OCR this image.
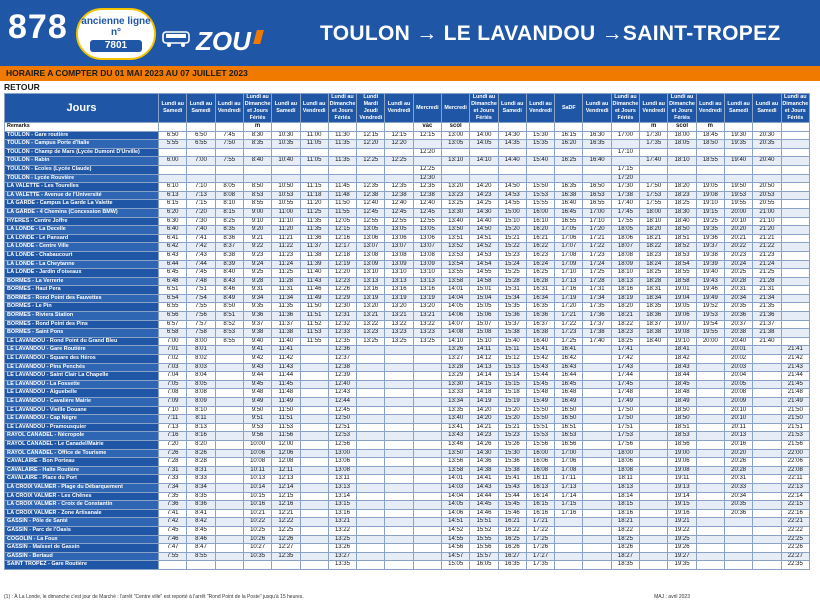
878	ancienne ligne n°
7801	ZOU	TOULON → LE LAVANDOU →SAINT-TROPEZ
HORAIRE A COMPTER DU 01 MAI 2023 AU 07 JUILLET 2023
RETOUR
Jours	Lundi au Samedi	Lundi au Samedi	Lundi au Vendredi	Lundi au Dimanche et Jours Fériés	Lundi au Samedi	Lundi au Vendredi	Lundi au Dimanche et Jours Fériés	Lundi Mardi Jeudi Vendredi	Lundi au Vendredi	Mercredi	Mercredi	Lundi au Dimanche et Jours Fériés	Lundi au Samedi	Lundi au Vendredi	SaDF	Lundi au Vendredi	Lundi au Dimanche et Jours Fériés	Lundi au Vendredi	Lundi au Dimanche et Jours Fériés	Lundi au Vendredi	Lundi au Samedi	Lundi au Samedi	Lundi au Dimanche et Jours Fériés
Remarks				m						vac	scol							m	scol	m			
TOULON - Gare routière	6:50	6:50	7:45	8:30	10:30	11:00	11:30	12:15	12:15	12:15	13:00	14:00	14:30	15:30	16:15	16:30	17:00	17:30	18:00	18:45	19:30	20:30	
TOULON - Campus Porte d'Italie	5:55	6:55	7:50	8:35	10:35	11:05	11:35	12:20	12:20		13:05	14:05	14:35	15:35	16:20	16:35		17:35	18:05	18:50	19:35	20:35	
TOULON - Champ de Mars (Lycée Dumont D'Urville)										12:20							17:10						
TOULON - Rabin	6:00	7:00	7:55	8:40	10:40	11:05	11:35	12:25	12:25		13:10	14:10	14:40	15:40	16:25	16:40		17:40	18:10	18:55	19:40	20:40	
TOULON - Ecoles (Lycée Claude)										12:25							17:15						
TOULON - Lycée Rouvière										12:30							17:20						
LA VALETTE - Les Tourelles	6:10	7:10	8:05	8:50	10:50	11:15	11:45	12:35	12:35	12:35	13:20	14:20	14:50	15:50	16:35	16:50	17:30	17:50	18:20	19:05	19:50	20:50	
LA VALETTE - Avenue de l'Université	6:13	7:13	8:08	8:53	10:53	11:18	11:48	12:38	12:38	12:38	13:23	14:23	14:53	15:53	16:38	16:53	17:38	17:53	18:23	19:08	19:53	20:53	
LA GARDE - Campus La Garde La Valette	6:15	7:15	8:10	8:55	10:55	11:20	11:50	12:40	12:40	12:40	13:25	14:25	14:55	15:55	16:40	16:55	17:40	17:55	18:25	19:10	19:55	20:55	
LA GARDE - 4 Chemins (Concession BMW)	6:20	7:20	8:15	9:00	11:00	11:25	11:55	12:45	12:45	12:45	13:30	14:30	15:00	16:00	16:45	17:00	17:45	18:00	18:30	19:15	20:00	21:00	
HYERES - Centre Joffre	6:30	7:30	8:25	9:10	11:10	11:35	12:05	12:55	12:55	12:55	13:40	14:40	15:10	16:10	16:55	17:10	17:55	18:10	18:40	19:25	20:10	21:10	
LA LONDE - La Decelle	6:40	7:40	8:35	9:20	11:20	11:35	12:15	13:05	13:05	13:05	13:50	14:50	15:20	16:20	17:05	17:20	18:05	18:20	18:50	19:35	20:20	21:20	
LA LONDE - Le Pansard	6:41	7:41	8:36	9:21	11:21	11:36	12:16	13:06	13:06	13:06	13:51	14:51	15:21	16:21	17:06	17:21	18:06	18:21	18:51	19:36	20:21	21:21	
LA LONDE - Centre Ville	6:42	7:42	8:37	9:22	11:22	11:37	12:17	13:07	13:07	13:07	13:52	14:52	15:22	16:22	17:07	17:22	18:07	18:22	18:52	19:37	20:22	21:22	
LA LONDE - Chabaucourt	6:43	7:43	8:38	9:23	11:23	11:38	12:18	13:08	13:08	13:08	13:53	14:53	15:23	16:23	17:08	17:23	18:08	18:23	18:53	19:38	20:23	21:23	
LA LONDE - La Cheytanne	6:44	7:44	8:39	9:24	11:24	11:39	12:19	13:09	13:09	13:09	13:54	14:54	15:24	16:24	17:09	17:24	18:09	18:24	18:54	19:39	20:24	21:24	
LA LONDE - Jardin d'oiseaux	6:45	7:45	8:40	9:25	11:25	11:40	12:20	13:10	13:10	13:10	13:55	14:55	15:25	16:25	17:10	17:25	18:10	18:25	18:55	19:40	20:25	21:25	
BORMES - La Verrerie	6:48	7:48	8:43	9:28	11:28	11:43	12:23	13:13	13:13	13:13	13:58	14:58	15:28	16:28	17:13	17:28	18:13	18:28	18:58	19:43	20:28	21:28	
BORMES - Haut Pera	6:51	7:51	8:46	9:31	11:31	11:46	12:26	13:16	13:16	13:16	14:01	15:01	15:31	16:31	17:16	17:31	18:16	18:31	19:01	19:46	20:31	21:31	
BORMES - Rond Point des Fauvettes	6:54	7:54	8:49	9:34	11:34	11:49	12:29	13:19	13:19	13:19	14:04	15:04	15:34	16:34	17:19	17:34	18:19	18:34	19:04	19:49	20:34	21:34	
BORMES - Le Pin	6:55	7:55	8:50	9:35	11:35	11:50	12:30	13:20	13:20	13:20	14:05	15:05	15:35	16:35	17:20	17:35	18:20	18:35	19:05	19:52	20:35	21:35	
BORMES - Riviera Station	6:56	7:56	8:51	9:36	11:36	11:51	12:31	13:21	13:21	13:21	14:06	15:06	15:36	16:36	17:21	17:36	18:21	18:36	19:06	19:53	20:36	21:36	
BORMES - Rond Point des Pins	6:57	7:57	8:52	9:37	11:37	11:52	12:32	13:22	13:22	13:22	14:07	15:07	15:37	16:37	17:22	17:37	18:22	18:37	19:07	19:54	20:37	21:37	
BORMES - Saint Pons	6:58	7:58	8:53	9:38	11:38	11:53	12:33	13:23	13:23	13:23	14:08	15:08	15:38	16:38	17:23	17:38	18:23	18:38	19:08	19:55	20:38	21:38	
LE LAVANDOU - Rond Point du Grand Bleu	7:00	8:00	8:55	9:40	11:40	11:55	12:35	13:25	13:25	13:25	14:10	15:10	15:40	16:40	17:25	17:40	18:25	18:40	19:10	20:00	20:40	21:40	
LE LAVANDOU - Gare Routière	7:01	8:01		9:41	11:41		12:36				13:26	14:11	15:11	15:41	16:41		17:41		18:41		20:01		21:41
LE LAVANDOU - Square des Héros	7:02	8:02		9:42	11:42		12:37				13:27	14:12	15:12	15:42	16:42		17:42		18:42		20:02		21:42
LE LAVANDOU - Pins Penchés	7:03	8:03		9:43	11:43		12:38				13:28	14:13	15:13	15:43	16:43		17:43		18:43		20:03		21:43
LE LAVANDOU - Saint Clair La Chapelle	7:04	8:04		9:44	11:44		12:39				13:29	14:14	15:14	15:44	16:44		17:44		18:44		20:04		21:44
LE LAVANDOU - La Fossette	7:05	8:05		9:45	11:45		12:40				13:30	14:15	15:15	15:45	16:45		17:45		18:45		20:05		21:45
LE LAVANDOU - Aiguebelle	7:08	8:08		9:48	11:48		12:43				13:33	14:18	15:18	15:48	16:48		17:48		18:48		20:08		21:48
LE LAVANDOU - Cavalière Mairie	7:09	8:09		9:49	11:49		12:44				13:34	14:19	15:19	15:49	16:49		17:49		18:49		20:09		21:49
LE LAVANDOU - Vieille Douane	7:10	8:10		9:50	11:50		12:45				13:35	14:20	15:20	15:50	16:50		17:50		18:50		20:10		21:50
LE LAVANDOU - Cap Nègre	7:11	8:11		9:51	11:51		12:50				13:40	14:20	15:20	15:50	16:50		17:50		18:50		20:10		21:50
LE LAVANDOU - Pramousquier	7:13	8:13		9:53	11:53		12:51				13:41	14:21	15:21	15:51	16:51		17:51		18:51		20:11		21:51
RAYOL CANADEL - Nécropole	7:16	8:16		9:56	11:56		12:53				13:43	14:23	15:23	15:53	16:53		17:53		18:53		20:13		21:53
RAYOL CANADEL - Le Canadel/Mairie	7:20	8:20		10:00	12:00		12:56				13:46	14:26	15:26	15:56	16:56		17:56		18:56		20:16		21:56
RAYOL CANADEL - Office de Tourisme	7:26	8:26		10:06	12:06		13:00				13:50	14:30	15:30	16:00	17:00		18:00		19:00		20:20		22:00
CAVALAIRE - Bon Porteau	7:28	8:28		10:08	12:08		13:06				13:56	14:36	15:36	16:06	17:06		18:06		19:06		20:26		22:06
CAVALAIRE - Halte Routière	7:31	8:31		10:11	12:11		13:08				13:58	14:38	15:38	16:08	17:08		18:08		19:08		20:28		22:08
CAVALAIRE - Place du Port	7:33	8:33		10:13	12:13		13:11				14:01	14:41	15:41	16:11	17:11		18:11		19:11		20:31		22:11
LA CROIX VALMER - Plage du Débarquement	7:34	8:34		10:14	12:14		13:13				14:03	14:43	15:43	16:13	17:13		18:13		19:13		20:33		22:13
LA CROIX VALMER - Les Chênes	7:35	8:35		10:15	12:15		13:14				14:04	14:44	15:44	16:14	17:14		18:14		19:14		20:34		22:14
LA CROIX VALMER - Croix de Constantin	7:36	8:36		10:16	12:16		13:15				14:05	14:45	15:45	16:15	17:15		18:15		19:15		20:35		22:15
LA CROIX VALMER - Zone Artisanale	7:41	8:41		10:21	12:21		13:16				14:06	14:46	15:46	16:16	17:16		18:16		19:16		20:36		22:16
GASSIN - Pôle de Santé	7:42	8:42		10:22	12:22		13:21				14:51	15:51	16:21	17:21			18:21		19:21				22:21
GASSIN - Parc de l'Oasis	7:45	8:45		10:25	12:25		13:22				14:52	15:52	16:22	17:22			18:22		19:22				22:22
COGOLIN - La Foux	7:46	8:46		10:26	12:26		13:25				14:55	15:55	16:25	17:25			18:25		19:25				22:25
GASSIN - Maïsset de Gassin	7:47	8:47		10:27	12:27		13:26				14:56	15:56	16:26	17:26			18:26		19:26				22:26
GASSIN - Bertaud	7:55	8:55		10:35	12:35		13:27				14:57	15:57	16:27	17:27			18:27		19:27				22:27
SAINT TROPEZ - Gare Routière							13:35				15:05	16:05	16:35	17:35			18:35		19:35				22:35
(1) : À La Londe, le dimanche c'est jour de Marché : l'arrêt "Centre ville" est reporté à l'arrêt "Rond Point de la Poste" jusqu'à 15 heures.	MAJ : avril 2023
